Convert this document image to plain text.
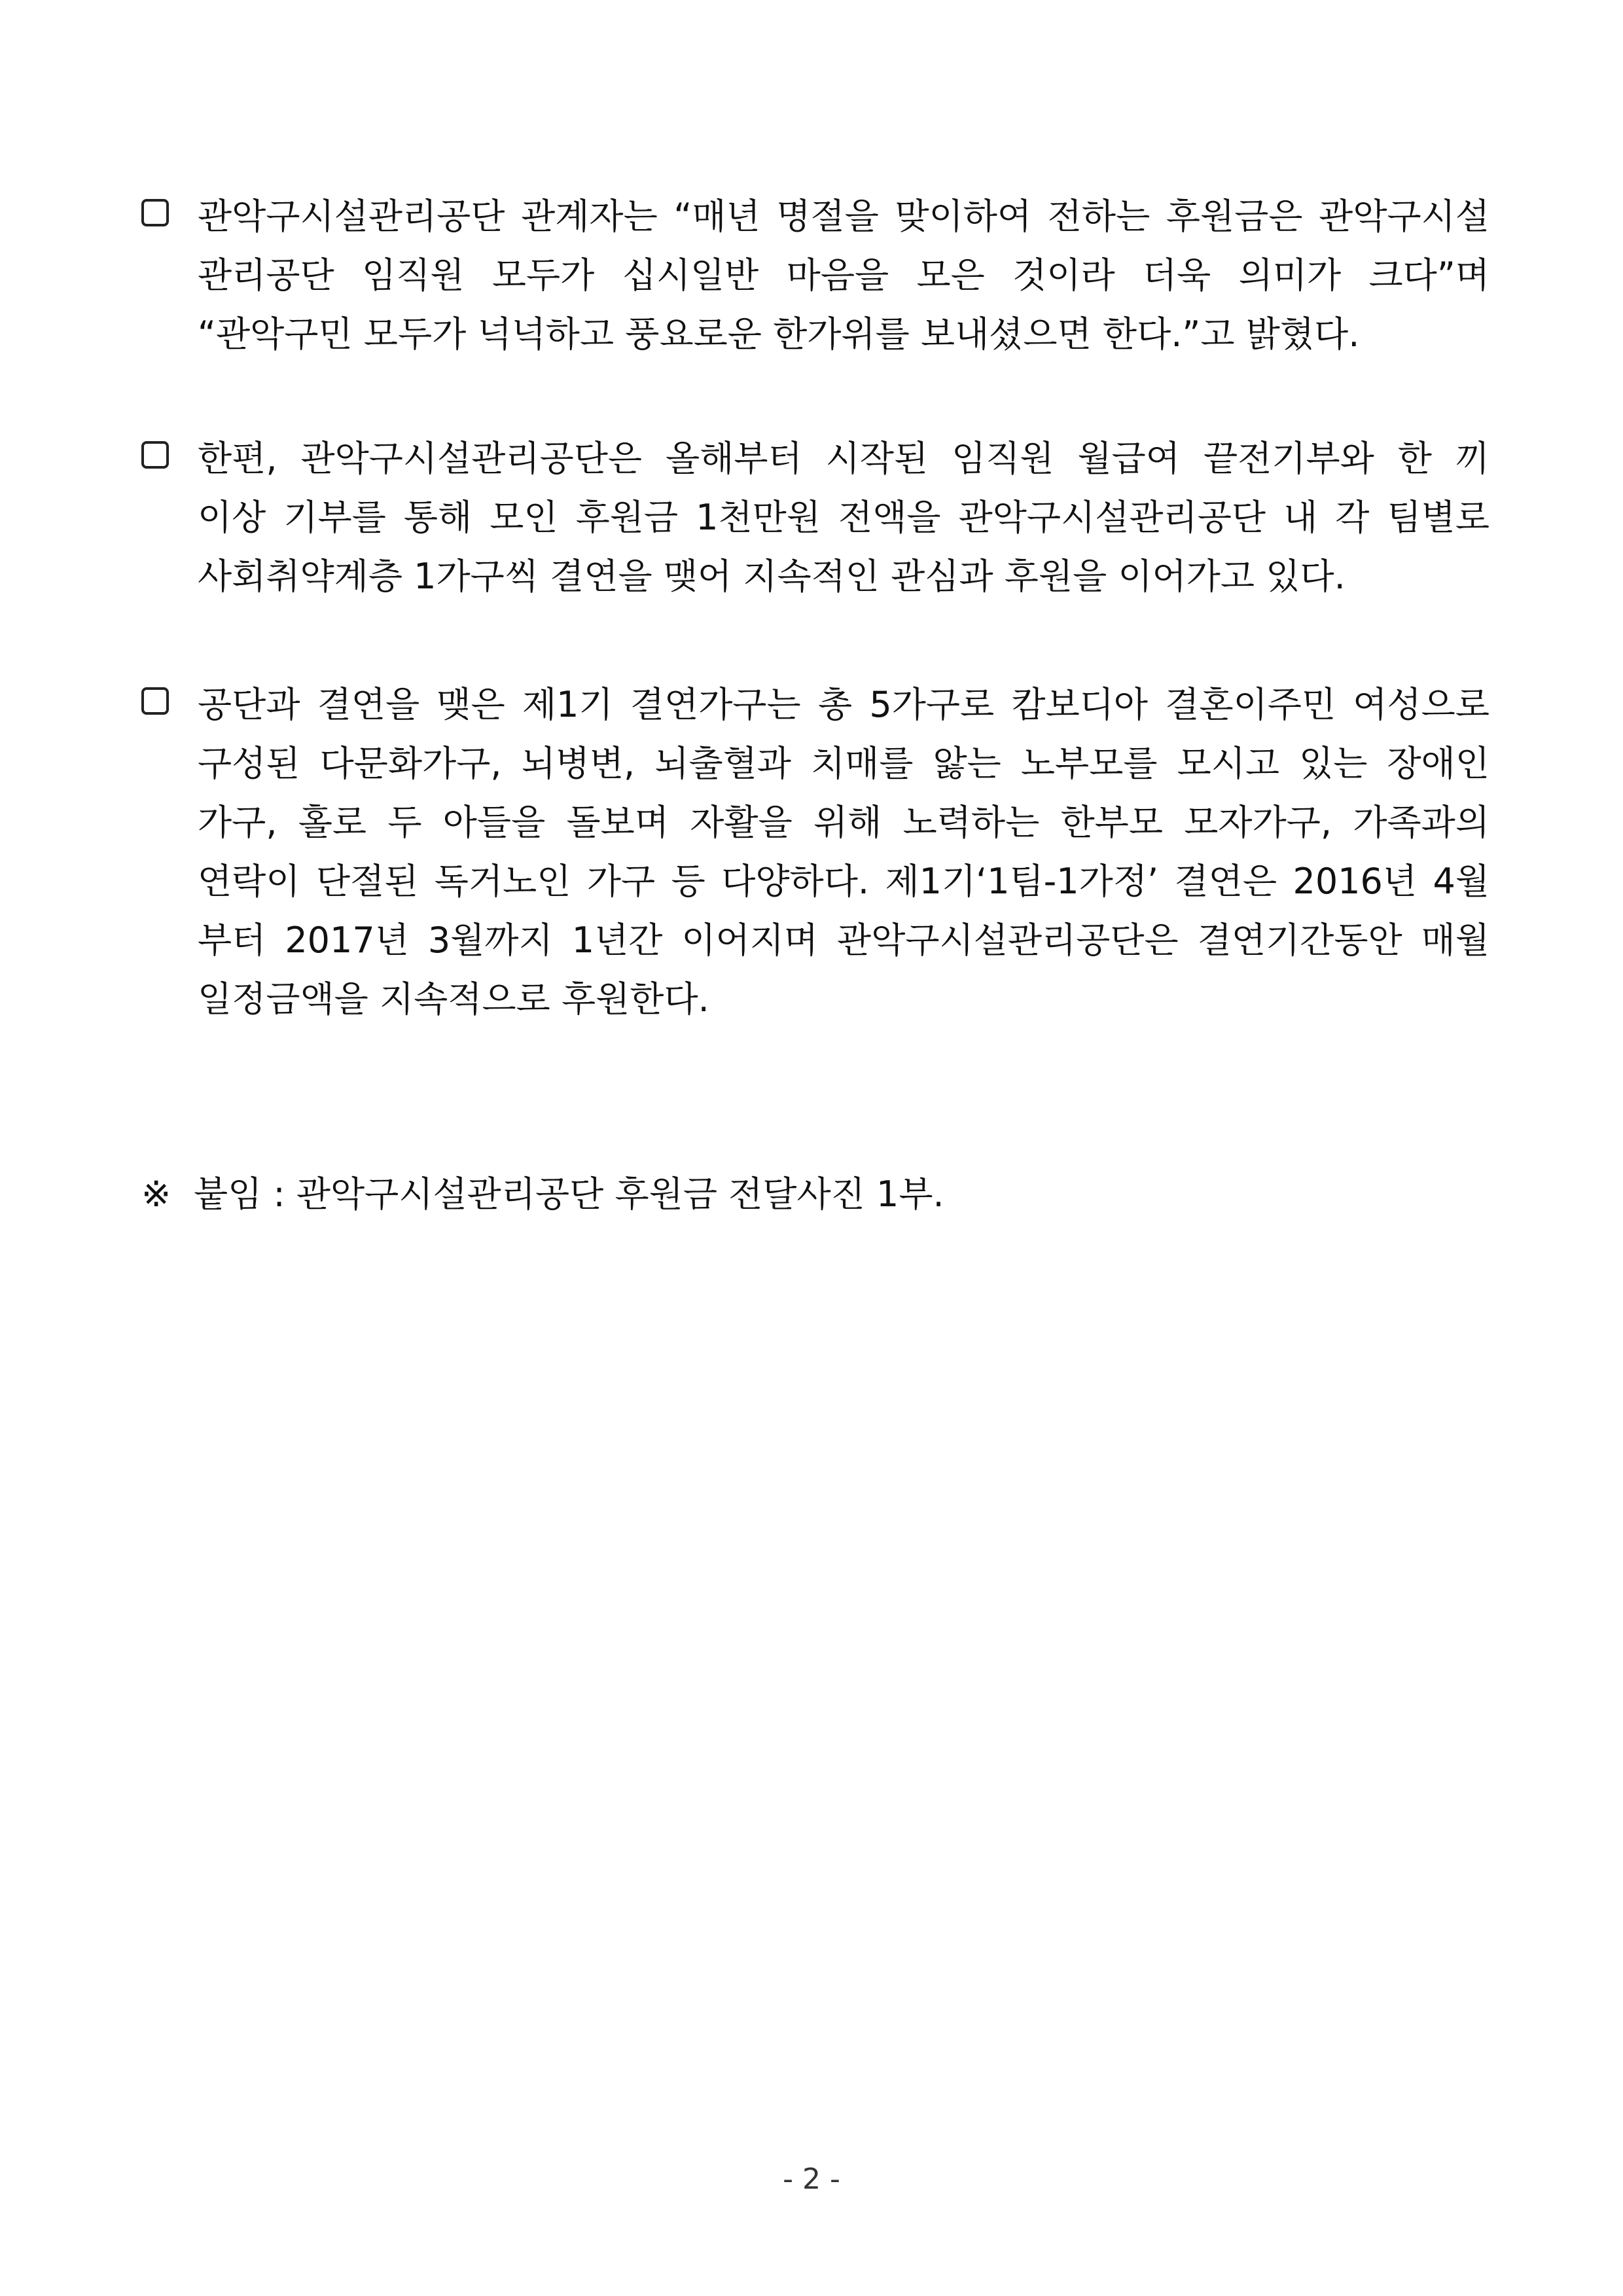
관악구시설관리공단 관계자는 “매년 명절을 맞이하여 전하는 후원금은 관악구시설
관리공단 임직원 모두가 십시일반 마음을 모은 것이라 더욱 의미가 크다”며
“관악구민 모두가 넉넉하고 풍요로운 한가위를 보내셨으면 한다.”고 밝혔다.
한편, 관악구시설관리공단은 올해부터 시작된 임직원 월급여 끝전기부와 한 끼
이상 기부를 통해 모인 후원금 1천만원 전액을 관악구시설관리공단 내 각 팀별로
사회취약계층 1가구씩 결연을 맺어 지속적인 관심과 후원을 이어가고 있다.
공단과 결연을 맺은 제1기 결연가구는 총 5가구로 캄보디아 결혼이주민 여성으로
구성된 다문화가구, 뇌병변, 뇌출혈과 치매를 앓는 노부모를 모시고 있는 장애인
가구, 홀로 두 아들을 돌보며 자활을 위해 노력하는 한부모 모자가구, 가족과의
연락이 단절된 독거노인 가구 등 다양하다. 제1기‘1팀-1가정’ 결연은 2016년 4월
부터 2017년 3월까지 1년간 이어지며 관악구시설관리공단은 결연기간동안 매월
일정금액을 지속적으로 후원한다.
※ 붙임 : 관악구시설관리공단 후원금 전달사진 1부.
- 2 -
